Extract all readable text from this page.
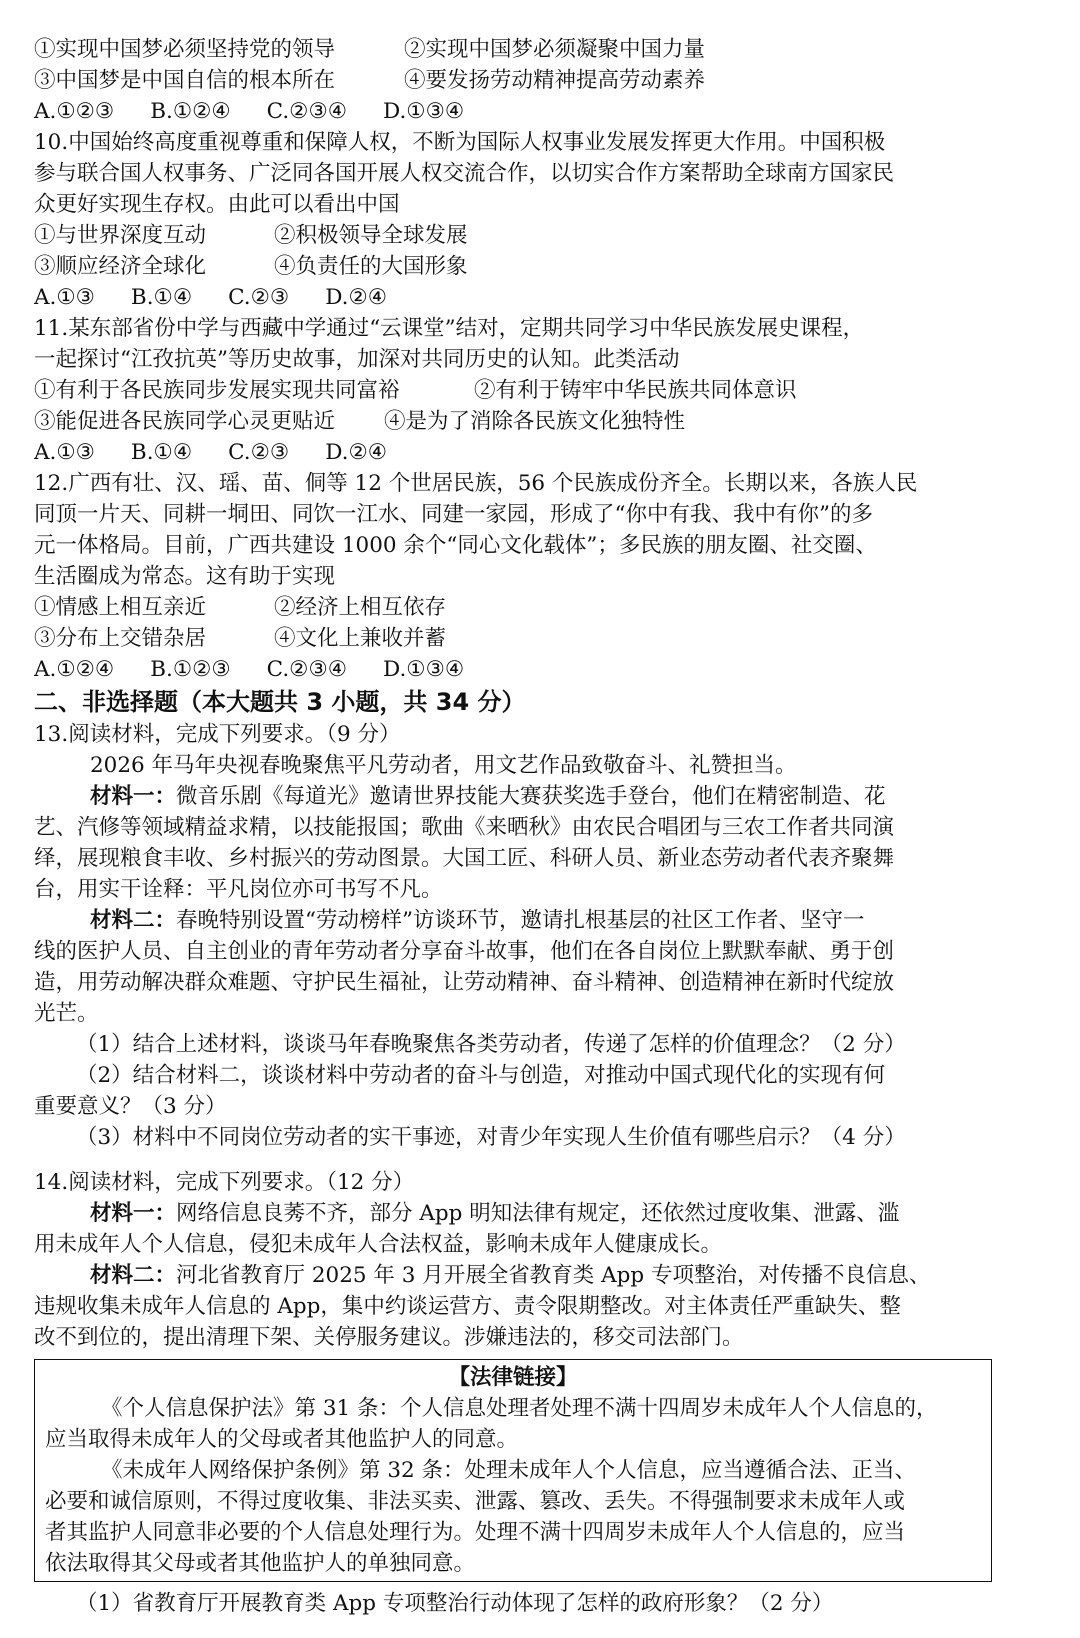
①实现中国梦必须坚持党的领导	②实现中国梦必须凝聚中国力量
③中国梦是中国自信的根本所在	④要发扬劳动精神提高劳动素养
A.①②③ B.①②④ C.②③④ D.①③④
10.中国始终高度重视尊重和保障人权，不断为国际人权事业发展发挥更大作用。中国积极
参与联合国人权事务、广泛同各国开展人权交流合作，以切实合作方案帮助全球南方国家民
众更好实现生存权。由此可以看出中国
①与世界深度互动	②积极领导全球发展
③顺应经济全球化	④负责任的大国形象
A.①③ B.①④ C.②③ D.②④
11.某东部省份中学与西藏中学通过“云课堂”结对，定期共同学习中华民族发展史课程，
一起探讨“江孜抗英”等历史故事，加深对共同历史的认知。此类活动
①有利于各民族同步发展实现共同富裕	②有利于铸牢中华民族共同体意识
③能促进各民族同学心灵更贴近 ④是为了消除各民族文化独特性
A.①③ B.①④ C.②③ D.②④
12.广西有壮、汉、瑶、苗、侗等 12 个世居民族，56 个民族成份齐全。长期以来，各族人民
同顶一片天、同耕一垌田、同饮一江水、同建一家园，形成了“你中有我、我中有你”的多
元一体格局。目前，广西共建设 1000 余个“同心文化载体”；多民族的朋友圈、社交圈、
生活圈成为常态。这有助于实现
①情感上相互亲近	②经济上相互依存
③分布上交错杂居	④文化上兼收并蓄
A.①②④ B.①②③ C.②③④ D.①③④
二、非选择题（本大题共 3 小题，共 34 分）
13.阅读材料，完成下列要求。（9 分）
2026 年马年央视春晚聚焦平凡劳动者，用文艺作品致敬奋斗、礼赞担当。
材料一：微音乐剧《每道光》邀请世界技能大赛获奖选手登台，他们在精密制造、花
艺、汽修等领域精益求精，以技能报国；歌曲《来晒秋》由农民合唱团与三农工作者共同演
绎，展现粮食丰收、乡村振兴的劳动图景。大国工匠、科研人员、新业态劳动者代表齐聚舞
台，用实干诠释：平凡岗位亦可书写不凡。
材料二：春晚特别设置“劳动榜样”访谈环节，邀请扎根基层的社区工作者、坚守一
线的医护人员、自主创业的青年劳动者分享奋斗故事，他们在各自岗位上默默奉献、勇于创
造，用劳动解决群众难题、守护民生福祉，让劳动精神、奋斗精神、创造精神在新时代绽放
光芒。
（1）结合上述材料，谈谈马年春晚聚焦各类劳动者，传递了怎样的价值理念？（2 分）
（2）结合材料二，谈谈材料中劳动者的奋斗与创造，对推动中国式现代化的实现有何
重要意义？（3 分）
（3）材料中不同岗位劳动者的实干事迹，对青少年实现人生价值有哪些启示？（4 分）
14.阅读材料，完成下列要求。（12 分）
材料一：网络信息良莠不齐，部分 App 明知法律有规定，还依然过度收集、泄露、滥
用未成年人个人信息，侵犯未成年人合法权益，影响未成年人健康成长。
材料二：河北省教育厅 2025 年 3 月开展全省教育类 App 专项整治，对传播不良信息、
违规收集未成年人信息的 App，集中约谈运营方、责令限期整改。对主体责任严重缺失、整
改不到位的，提出清理下架、关停服务建议。涉嫌违法的，移交司法部门。
【法律链接】
《个人信息保护法》第 31 条：个人信息处理者处理不满十四周岁未成年人个人信息的，
应当取得未成年人的父母或者其他监护人的同意。
《未成年人网络保护条例》第 32 条：处理未成年人个人信息，应当遵循合法、正当、
必要和诚信原则，不得过度收集、非法买卖、泄露、篡改、丢失。不得强制要求未成年人或
者其监护人同意非必要的个人信息处理行为。处理不满十四周岁未成年人个人信息的，应当
依法取得其父母或者其他监护人的单独同意。
（1）省教育厅开展教育类 App 专项整治行动体现了怎样的政府形象？（2 分）
